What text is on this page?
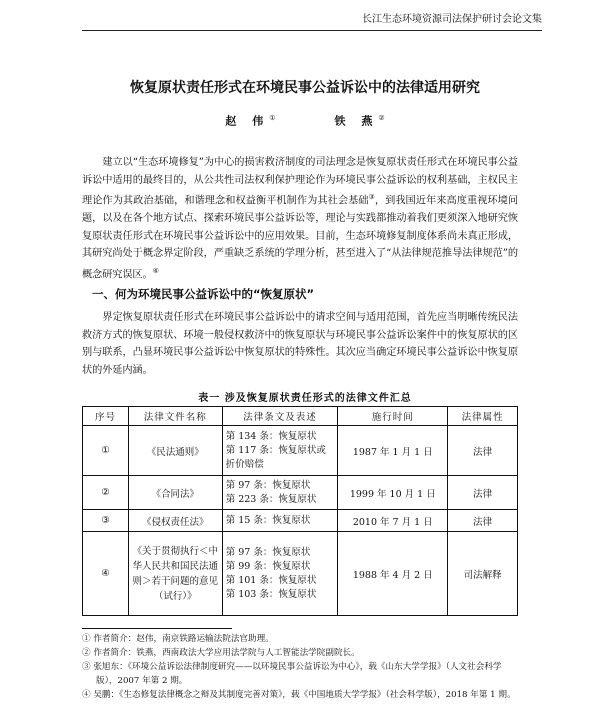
长江生态环境资源司法保护研讨会论文集
恢复原状责任形式在环境民事公益诉讼中的法律适用研究
赵 伟①	铁 燕②
建立以“生态环境修复”为中心的损害救济制度的司法理念是恢复原状责任形式在环境民事公益诉讼中适用的最终目的，从公共性司法权利保护理论作为环境民事公益诉讼的权利基础，主权民主理论作为其政治基础，和谐理念和权益衡平机制作为其社会基础③，到我国近年来高度重视环境问题，以及在各个地方试点、探索环境民事公益诉讼等，理论与实践都推动着我们更须深入地研究恢复原状责任形式在环境民事公益诉讼中的应用效果。目前，生态环境修复制度体系尚未真正形成，其研究尚处于概念界定阶段，严重缺乏系统的学理分析，甚至进入了“从法律规范推导法律规范”的概念研究误区。④
一、何为环境民事公益诉讼中的“恢复原状”
界定恢复原状责任形式在环境民事公益诉讼中的请求空间与适用范围，首先应当明晰传统民法救济方式的恢复原状、环境一般侵权救济中的恢复原状与环境民事公益诉讼案件中的恢复原状的区别与联系，凸显环境民事公益诉讼中恢复原状的特殊性。其次应当确定环境民事公益诉讼中恢复原状的外延内涵。
表一 涉及恢复原状责任形式的法律文件汇总
序号	法律文件名称	法律条文及表述	施行时间	法律属性
①	《民法通则》	第 134 条：恢复原状
第 117 条：恢复原状或折价赔偿	1987 年 1 月 1 日	法律
②	《合同法》	第 97 条：恢复原状
第 223 条：恢复原状	1999 年 10 月 1 日	法律
③	《侵权责任法》	第 15 条：恢复原状	2010 年 7 月 1 日	法律
④	《关于贯彻执行＜中华人民共和国民法通则＞若干问题的意见（试行）》	第 97 条：恢复原状
第 99 条：恢复原状
第 101 条：恢复原状
第 103 条：恢复原状	1988 年 4 月 2 日	司法解释
① 作者简介：赵伟，南京铁路运输法院法官助理。
② 作者简介：铁燕，西南政法大学应用法学院与人工智能法学院副院长。
③ 张旭东：《环境公益诉讼法律制度研究——以环境民事公益诉讼为中心》，载《山东大学学报》（人文社会科学版），2007 年第 2 期。
④ 吴鹏：《生态修复法律概念之辩及其制度完善对策》，载《中国地质大学学报》（社会科学版），2018 年第 1 期。
